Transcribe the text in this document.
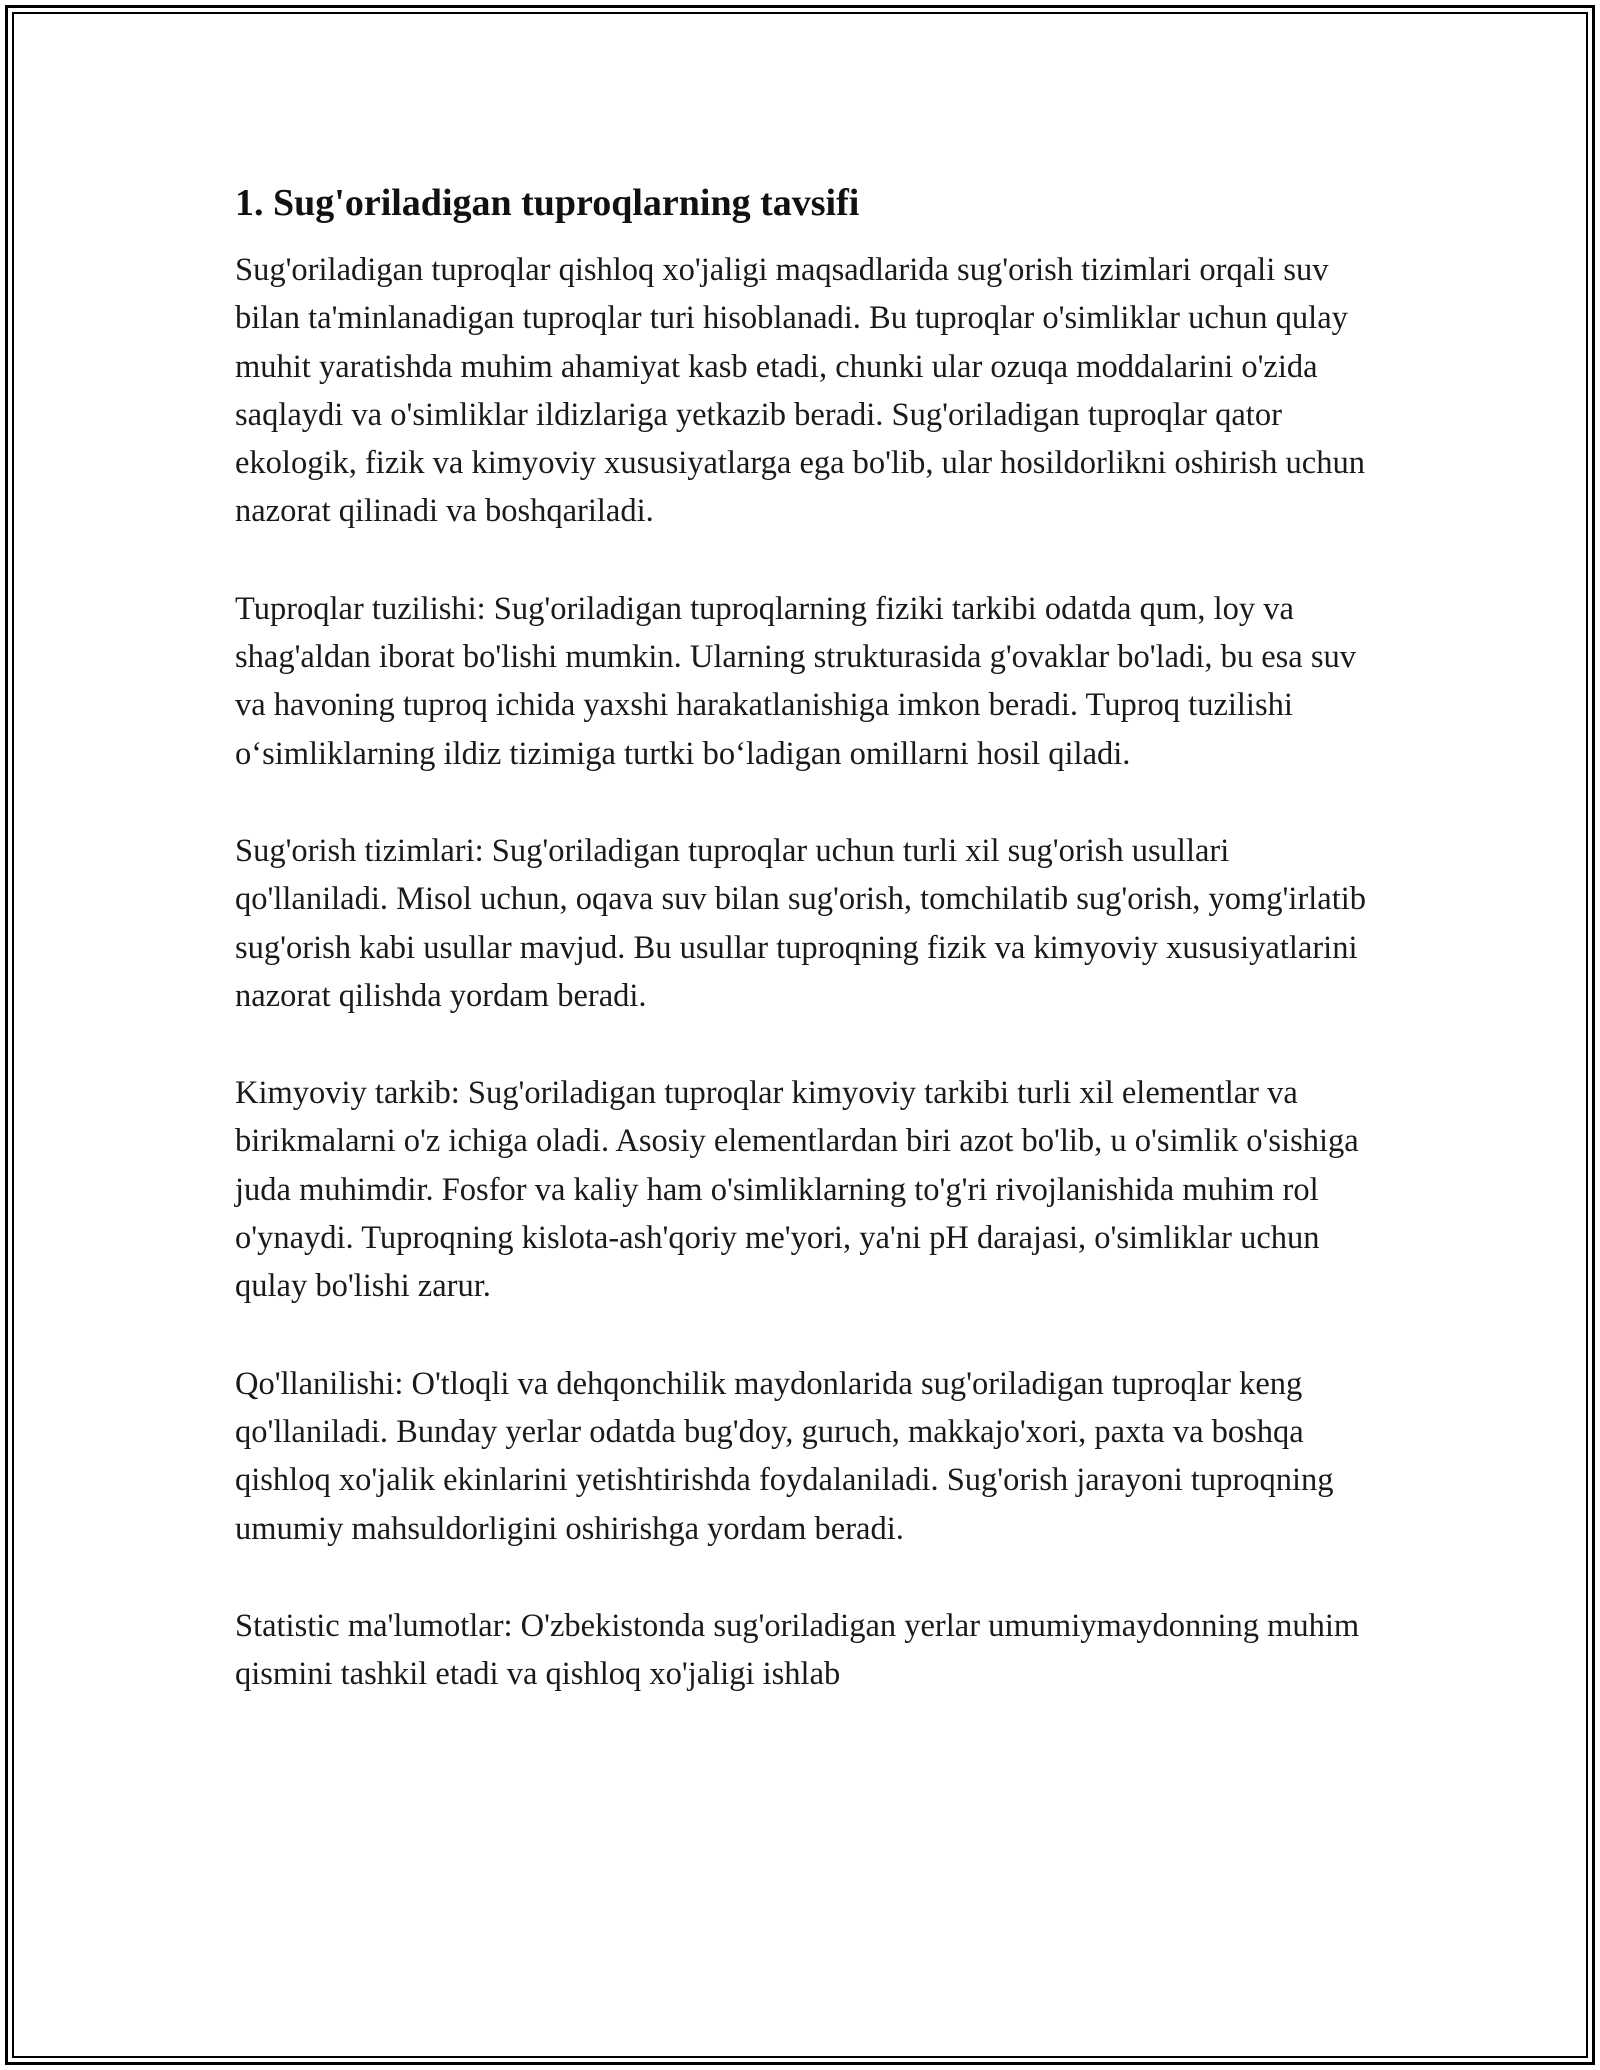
1. Sug'oriladigan tuproqlarning tavsifi

Sug'oriladigan tuproqlar qishloq xo'jaligi maqsadlarida sug'orish tizimlari orqali suv bilan ta'minlanadigan tuproqlar turi hisoblanadi. Bu tuproqlar o'simliklar uchun qulay muhit yaratishda muhim ahamiyat kasb etadi, chunki ular ozuqa moddalarini o'zida saqlaydi va o'simliklar ildizlariga yetkazib beradi. Sug'oriladigan tuproqlar qator ekologik, fizik va kimyoviy xususiyatlarga ega bo'lib, ular hosildorlikni oshirish uchun nazorat qilinadi va boshqariladi.

Tuproqlar tuzilishi: Sug'oriladigan tuproqlarning fiziki tarkibi odatda qum, loy va shag'aldan iborat bo'lishi mumkin. Ularning strukturasida g'ovaklar bo'ladi, bu esa suv va havoning tuproq ichida yaxshi harakatlanishiga imkon beradi. Tuproq tuzilishi o‘simliklarning ildiz tizimiga turtki bo‘ladigan omillarni hosil qiladi.

Sug'orish tizimlari: Sug'oriladigan tuproqlar uchun turli xil sug'orish usullari qo'llaniladi. Misol uchun, oqava suv bilan sug'orish, tomchilatib sug'orish, yomg'irlatib sug'orish kabi usullar mavjud. Bu usullar tuproqning fizik va kimyoviy xususiyatlarini nazorat qilishda yordam beradi.

Kimyoviy tarkib: Sug'oriladigan tuproqlar kimyoviy tarkibi turli xil elementlar va birikmalarni o'z ichiga oladi. Asosiy elementlardan biri azot bo'lib, u o'simlik o'sishiga juda muhimdir. Fosfor va kaliy ham o'simliklarning to'g'ri rivojlanishida muhim rol o'ynaydi. Tuproqning kislota-ash'qoriy me'yori, ya'ni pH darajasi, o'simliklar uchun qulay bo'lishi zarur.

Qo'llanilishi: O'tloqli va dehqonchilik maydonlarida sug'oriladigan tuproqlar keng qo'llaniladi. Bunday yerlar odatda bug'doy, guruch, makkajo'xori, paxta va boshqa qishloq xo'jalik ekinlarini yetishtirishda foydalaniladi. Sug'orish jarayoni tuproqning umumiy mahsuldorligini oshirishga yordam beradi.

Statistic ma'lumotlar: O'zbekistonda sug'oriladigan yerlar umumiymaydonning muhim qismini tashkil etadi va qishloq xo'jaligi ishlab
